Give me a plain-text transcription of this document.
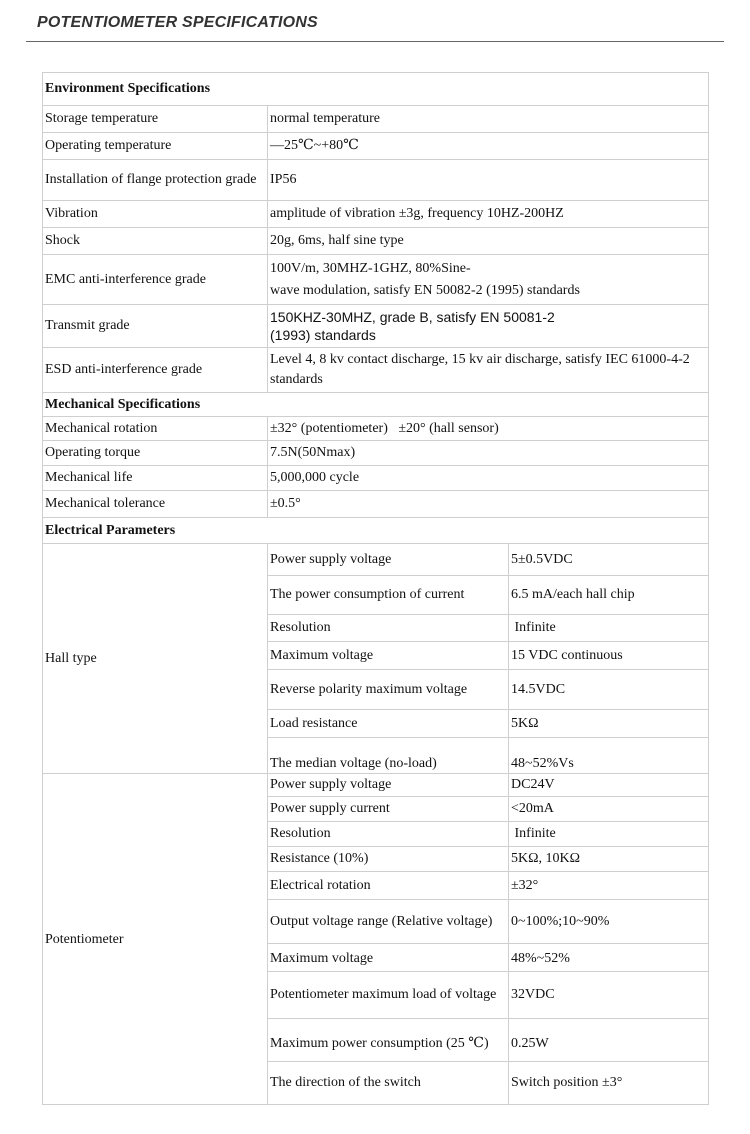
POTENTIOMETER SPECIFICATIONS
Environment Specifications		
Storage temperature	normal temperature	
Operating temperature	—25℃~+80℃	
Installation of flange protection grade	IP56	
Vibration	amplitude of vibration ±3g, frequency 10HZ-200HZ	
Shock	20g, 6ms, half sine type	
EMC anti-interference grade	100V/m, 30MHZ-1GHZ, 80%Sine-
wave modulation, satisfy EN 50082-2 (1995) standards	

Transmit grade	150KHZ-30MHZ, grade B, satisfy EN 50081-2 (1993) standards	

ESD anti-interference grade	Level 4, 8 kv contact discharge, 15 kv air discharge, satisfy IEC 61000-4-2 standards	
Mechanical Specifications		
Mechanical rotation	±32° (potentiometer)   ±20° (hall sensor)	
Operating torque	7.5N(50Nmax)	
Mechanical life	5,000,000 cycle	
Mechanical tolerance	±0.5°	
Electrical Parameters		
Hall type	Power supply voltage	5±0.5VDC
	The power consumption of current	6.5 mA/each hall chip
	Resolution	Infinite
	Maximum voltage	15 VDC continuous
	Reverse polarity maximum voltage	14.5VDC
	Load resistance	5KΩ
	The median voltage (no-load)	48~52%Vs
Potentiometer	Power supply voltage	DC24V
	Power supply current	<20mA
	Resolution	Infinite
	Resistance (10%)	5KΩ, 10KΩ
	Electrical rotation	±32°
	Output voltage range (Relative voltage)	0~100%;10~90%
	Maximum voltage	48%~52%
	Potentiometer maximum load of voltage	32VDC
	Maximum power consumption (25 ℃)	0.25W
	The direction of the switch	Switch position ±3°
